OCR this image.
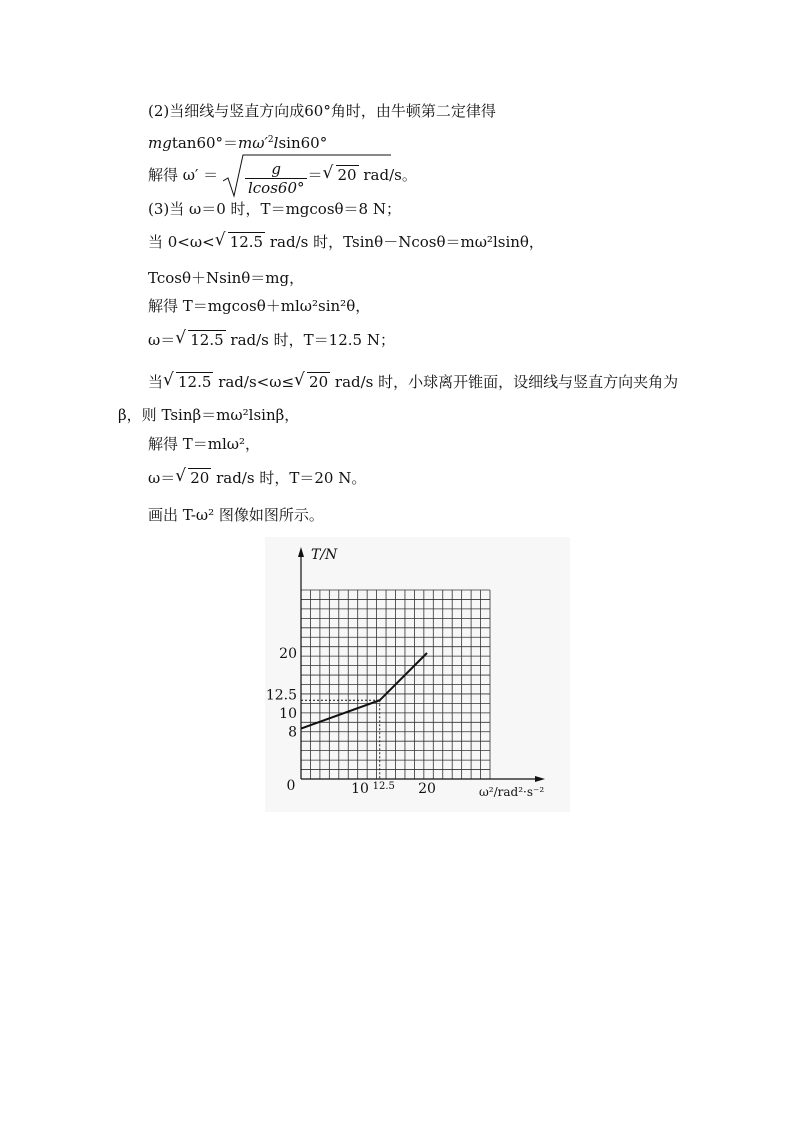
(2)当细线与竖直方向成60°角时，由牛顿第二定律得
$mgtan60^\circ=m\omega'^2lsin60^\circ$
解得 $\omega' = \frac{g}{lcos60^\circ}$ ＝ √ 20 rad/s。
(3)当 ω＝0 时，T＝mgcosθ＝8 N；
当 0<ω< √ 12.5 rad/s 时，Tsinθ－Ncosθ＝mω²lsinθ，
Tcosθ＋Nsinθ＝mg，
解得 T＝mgcosθ＋mlω²sin²θ，
ω＝ √ 12.5 rad/s 时，T＝12.5 N；
当 √ 12.5 rad/s<ω≤ √ 20 rad/s 时，小球离开锥面，设细线与竖直方向夹角为
β，则 Tsinβ＝mω²lsinβ，
解得 T＝mlω²，
ω＝ √ 20 rad/s 时，T＝20 N。
画出 T-ω² 图像如图所示。
8
10
12.5
20
0	10 12.5 20
T/N
ω²/rad²·s⁻²
